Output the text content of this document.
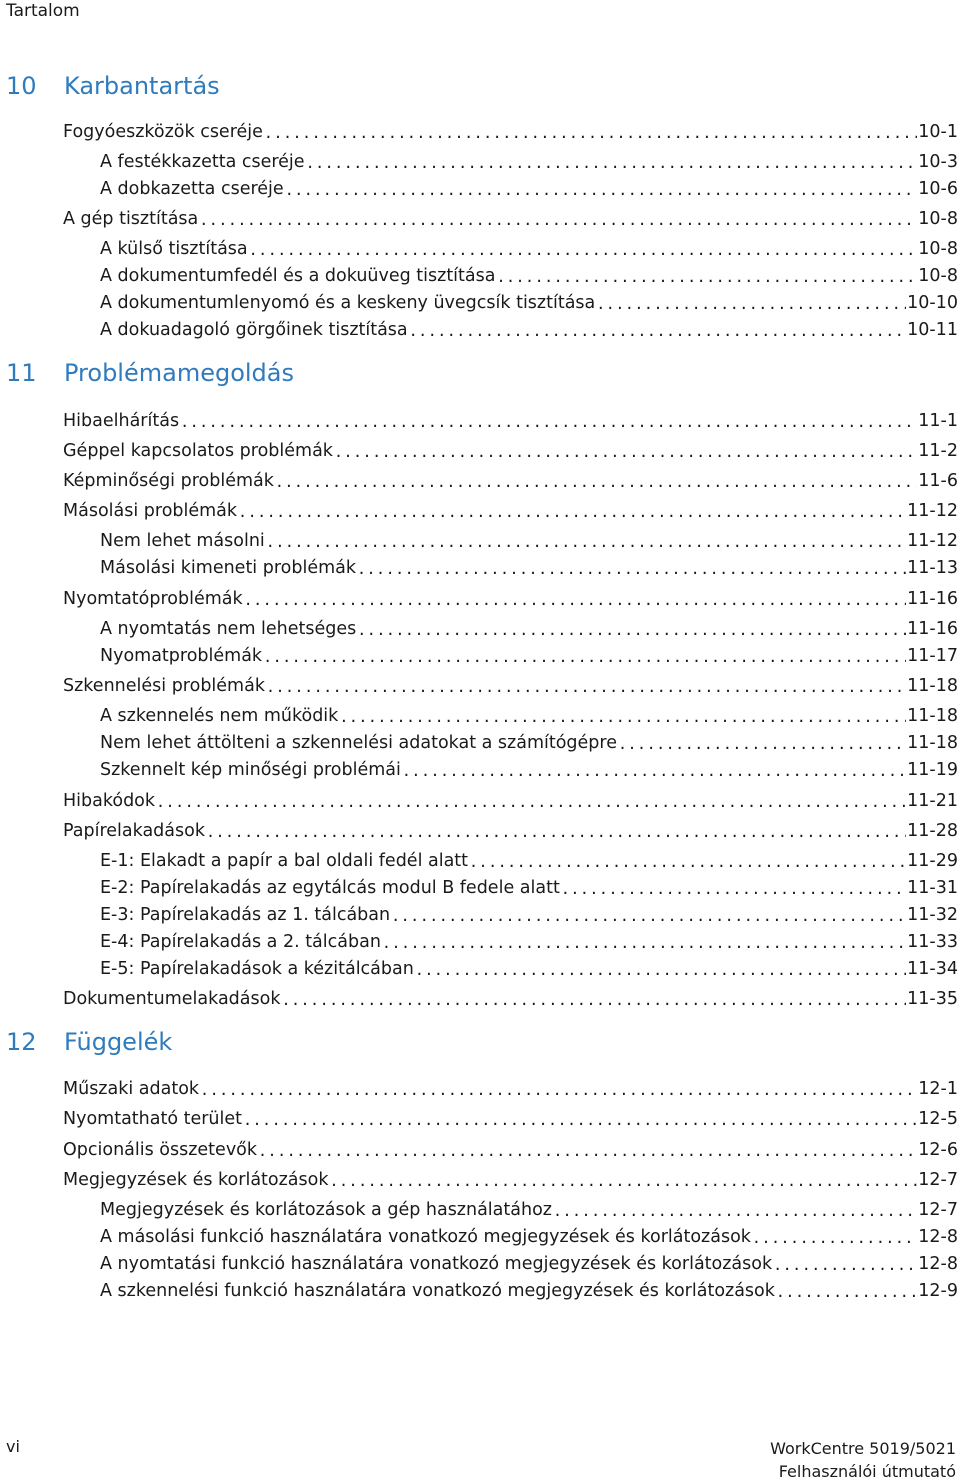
Tartalom
10	Karbantartás
Fogyóeszközök cseréje .....	10-1
A festékkazetta cseréje .....	10-3
A dobkazetta cseréje .....	10-6
A gép tisztítása .....	10-8
A külső tisztítása .....	10-8
A dokumentumfedél és a dokuüveg tisztítása .....	10-8
A dokumentumlenyomó és a keskeny üvegcsík tisztítása .....	10-10
A dokuadagoló görgőinek tisztítása .....	10-11
11	Problémamegoldás
Hibaelhárítás .....	11-1
Géppel kapcsolatos problémák .....	11-2
Képminőségi problémák .....	11-6
Másolási problémák .....	11-12
Nem lehet másolni .....	11-12
Másolási kimeneti problémák .....	11-13
Nyomtatóproblémák .....	11-16
A nyomtatás nem lehetséges .....	11-16
Nyomatproblémák .....	11-17
Szkennelési problémák .....	11-18
A szkennelés nem működik .....	11-18
Nem lehet áttölteni a szkennelési adatokat a számítógépre .....	11-18
Szkennelt kép minőségi problémái .....	11-19
Hibakódok .....	11-21
Papírelakadások .....	11-28
E-1: Elakadt a papír a bal oldali fedél alatt .....	11-29
E-2: Papírelakadás az egytálcás modul B fedele alatt .....	11-31
E-3: Papírelakadás az 1. tálcában .....	11-32
E-4: Papírelakadás a 2. tálcában .....	11-33
E-5: Papírelakadások a kézitálcában .....	11-34
Dokumentumelakadások .....	11-35
12	Függelék
Műszaki adatok .....	12-1
Nyomtatható terület .....	12-5
Opcionális összetevők .....	12-6
Megjegyzések és korlátozások .....	12-7
Megjegyzések és korlátozások a gép használatához .....	12-7
A másolási funkció használatára vonatkozó megjegyzések és korlátozások .....	12-8
A nyomtatási funkció használatára vonatkozó megjegyzések és korlátozások .....	12-8
A szkennelési funkció használatára vonatkozó megjegyzések és korlátozások .....	12-9
vi	WorkCentre 5019/5021
Felhasználói útmutató
